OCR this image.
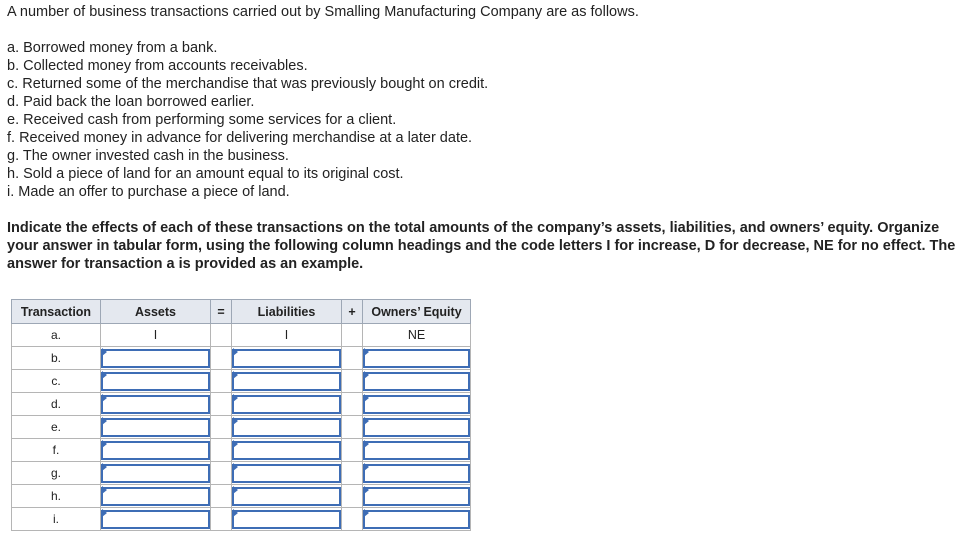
A number of business transactions carried out by Smalling Manufacturing Company are as follows.
a. Borrowed money from a bank.
b. Collected money from accounts receivables.
c. Returned some of the merchandise that was previously bought on credit.
d. Paid back the loan borrowed earlier.
e. Received cash from performing some services for a client.
f. Received money in advance for delivering merchandise at a later date.
g. The owner invested cash in the business.
h. Sold a piece of land for an amount equal to its original cost.
i. Made an offer to purchase a piece of land.
Indicate the effects of each of these transactions on the total amounts of the company’s assets, liabilities, and owners’ equity. Organize your answer in tabular form, using the following column headings and the code letters I for increase, D for decrease, NE for no effect. The answer for transaction a is provided as an example.
Transaction	Assets	=	Liabilities	+	Owners’ Equity
a.	I		I		NE
b.	

c.	

d.	

e.	

f.	

g.	

h.	

i.	
